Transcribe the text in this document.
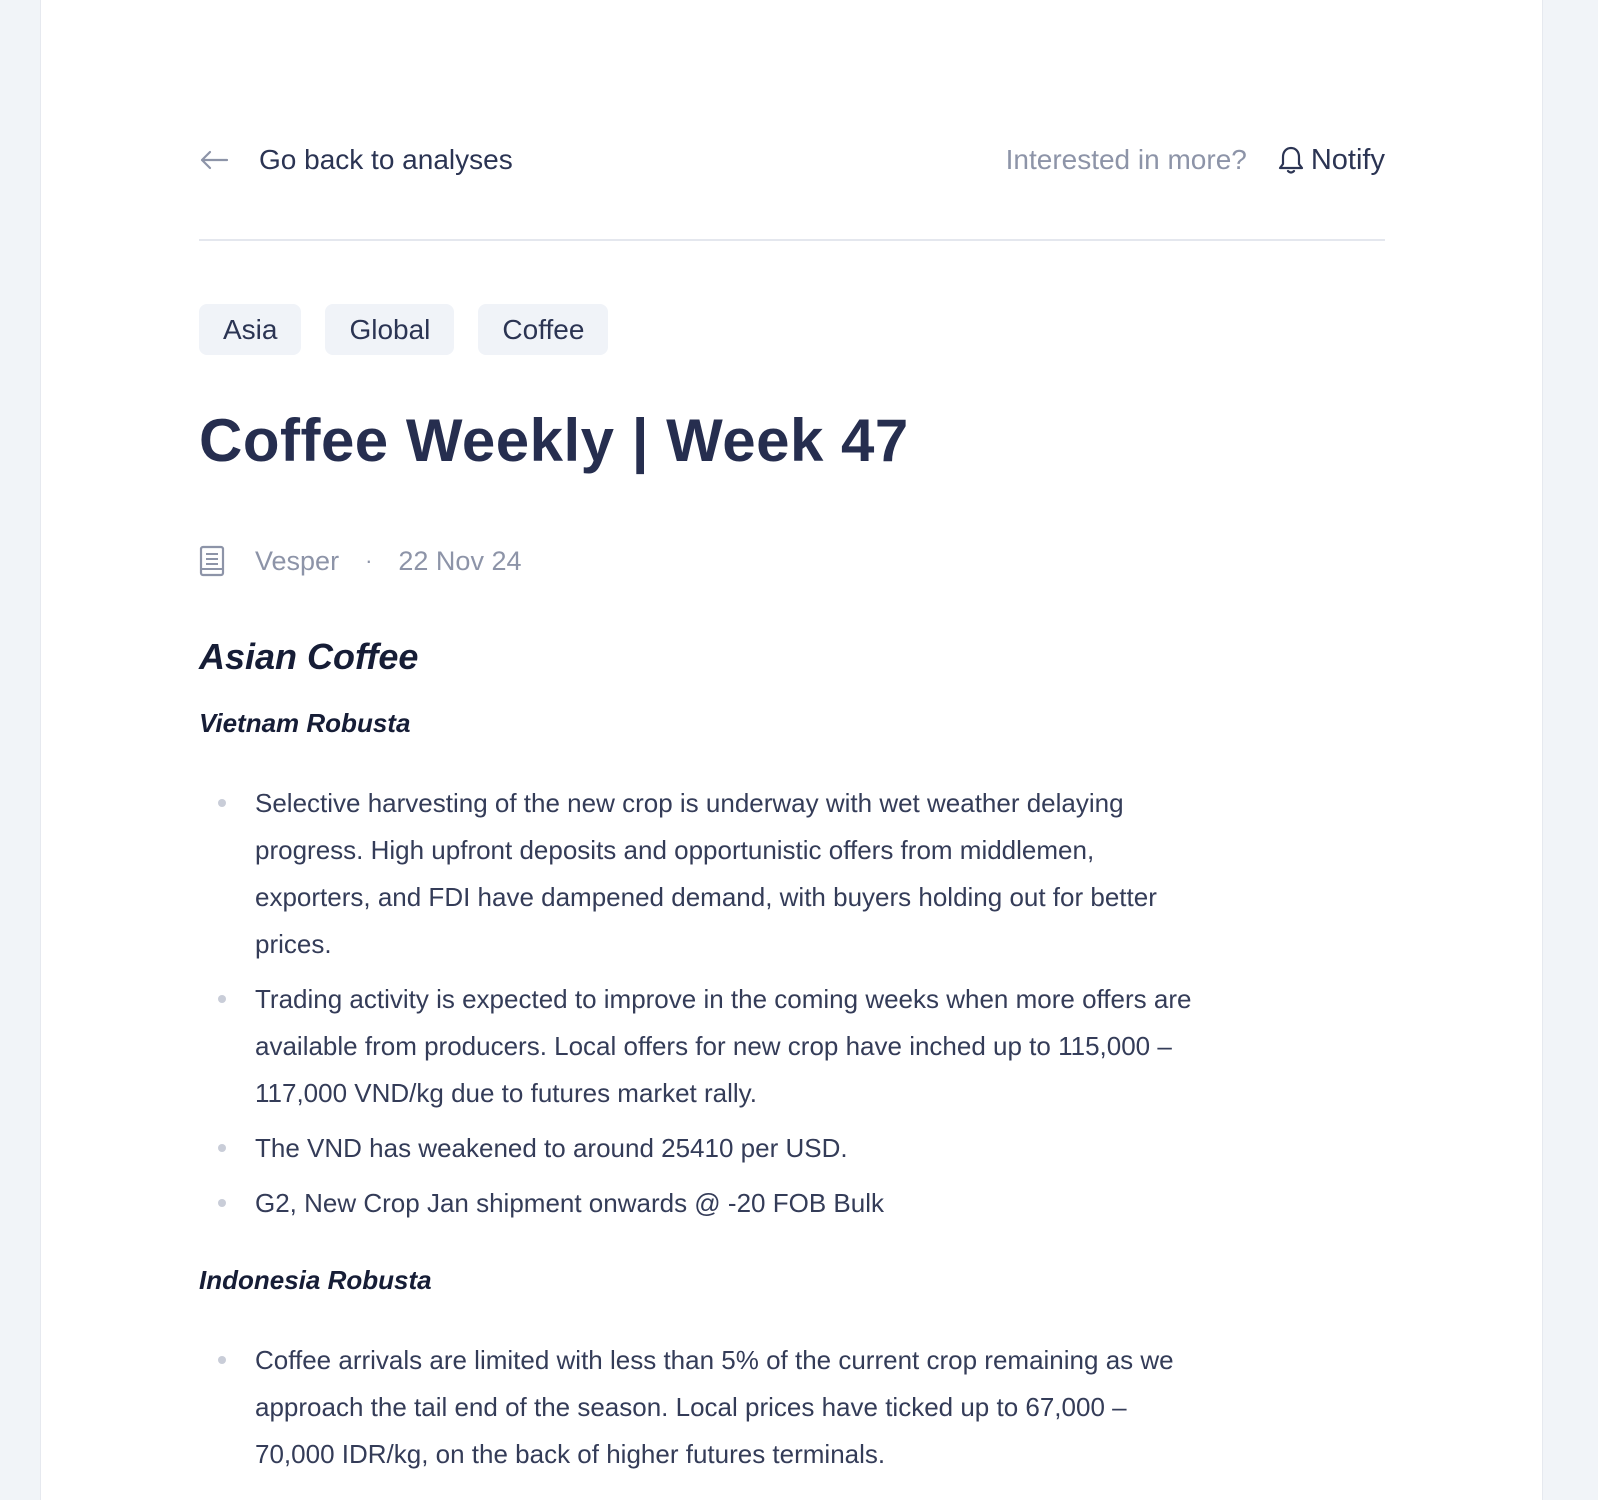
Go back to analyses	Interested in more? Notify
Asia	Global	Coffee
Coffee Weekly | Week 47
Vesper · 22 Nov 24
Asian Coffee
Vietnam Robusta
Selective harvesting of the new crop is underway with wet weather delaying progress. High upfront deposits and opportunistic offers from middlemen, exporters, and FDI have dampened demand, with buyers holding out for better prices.
Trading activity is expected to improve in the coming weeks when more offers are available from producers. Local offers for new crop have inched up to 115,000 – 117,000 VND/kg due to futures market rally.
The VND has weakened to around 25410 per USD.
G2, New Crop Jan shipment onwards @ -20 FOB Bulk
Indonesia Robusta
Coffee arrivals are limited with less than 5% of the current crop remaining as we approach the tail end of the season. Local prices have ticked up to 67,000 – 70,000 IDR/kg, on the back of higher futures terminals.
